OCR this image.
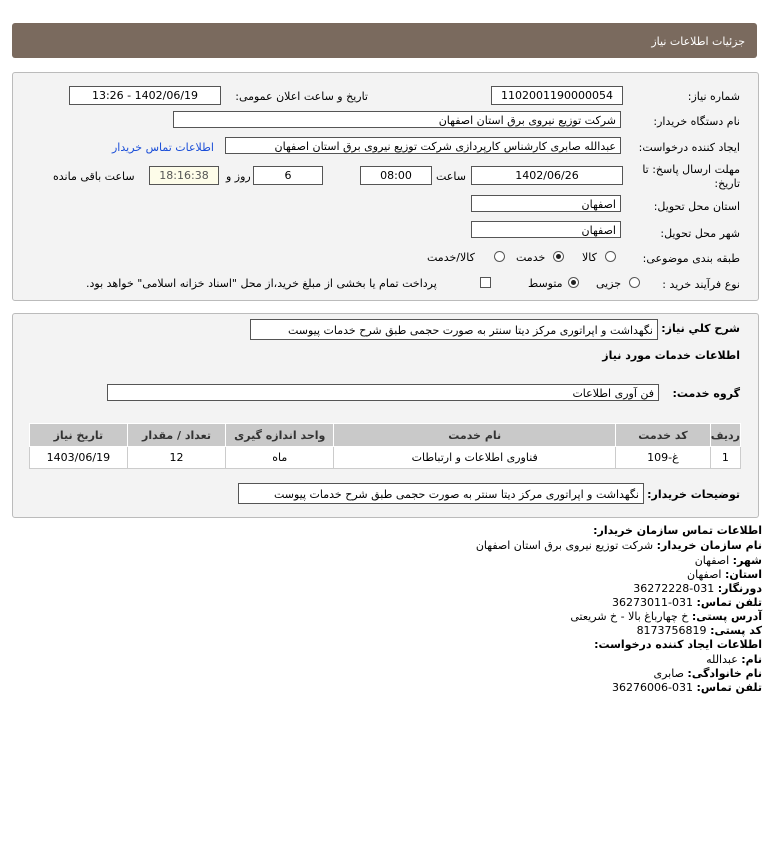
جزئیات اطلاعات نیاز
شماره نیاز:
1102001190000054
تاریخ و ساعت اعلان عمومی:
1402/06/19 - 13:26
نام دستگاه خریدار:
شرکت توزیع نیروی برق استان اصفهان
ایجاد کننده درخواست:
عبدالله صابری کارشناس کارپردازی شرکت توزیع نیروی برق استان اصفهان
اطلاعات تماس خریدار
مهلت ارسال پاسخ: تا تاریخ:
1402/06/26
ساعت
08:00
6
روز و
18:16:38
ساعت باقی مانده
استان محل تحویل:
اصفهان
شهر محل تحویل:
اصفهان
طبقه بندی موضوعی:
کالا
خدمت
کالا/خدمت
نوع فرآیند خرید :
جزیی
متوسط
پرداخت تمام یا بخشی از مبلغ خرید،از محل "اسناد خزانه اسلامی" خواهد بود.
شرح کلي نياز:
نگهداشت و اپراتوری مرکز دیتا سنتر به صورت حجمی طبق شرح خدمات پیوست
اطلاعات خدمات مورد نیاز
گروه خدمت:
فن آوری اطلاعات
ردیف	کد خدمت	نام خدمت	واحد اندازه گیری	تعداد / مقدار	تاریخ نیاز
1	غ-109	فناوری اطلاعات و ارتباطات	ماه	12	1403/06/19
توضیحات خریدار:
نگهداشت و اپراتوری مرکز دیتا سنتر به صورت حجمی طبق شرح خدمات پیوست
اطلاعات تماس سازمان خریدار:
نام سازمان خریدار: شرکت توزیع نیروی برق استان اصفهان
شهر: اصفهان
استان: اصفهان
دورنگار: 031-36272228
تلفن تماس: 031-36273011
آدرس پستی: خ چهارباغ بالا - خ شریعتی
کد پستی: 8173756819
اطلاعات ایجاد کننده درخواست:
نام: عبدالله
نام خانوادگی: صابری
تلفن تماس: 031-36276006
